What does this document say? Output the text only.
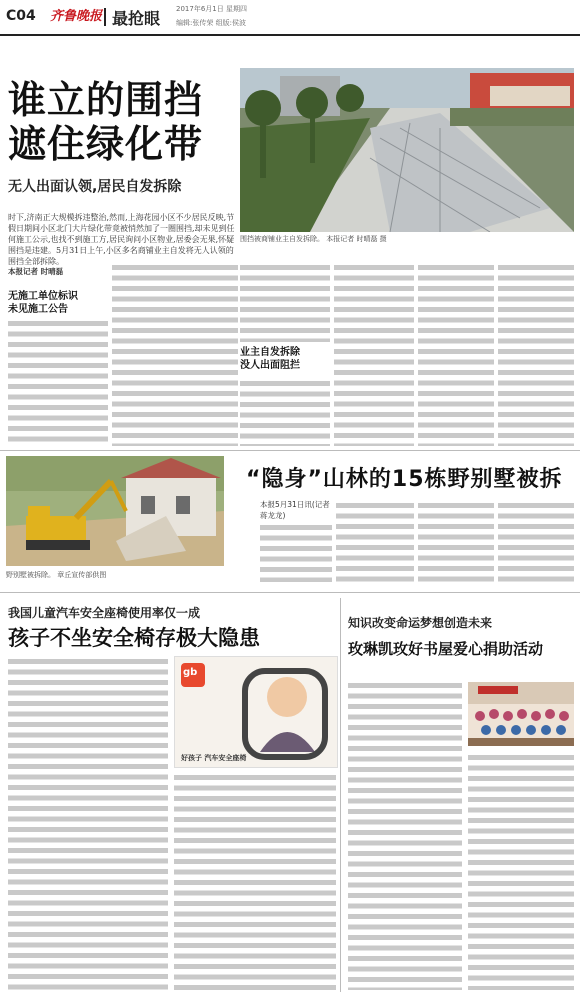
C04 齐鲁晚报 最抢眼 2017年6月1日 星期四
编辑:张传荣 组版:侯波
谁立的围挡
遮住绿化带
无人出面认领,居民自发拆除
时下,济南正大规模拆违整治,然而,上海花园小区不少居民反映,节假日期间小区北门大片绿化带竟被悄然加了一圈围挡,却未见到任何施工公示,也找不到施工方,居民询问小区物业,居委会无果,怀疑围挡是违建。5月31日上午,小区多名商铺业主自发将无人认领的围挡全部拆除。
围挡被商铺业主自发拆除。 本报记者 时晴磊 摄
本报记者 时晴磊
无施工单位标识
未见施工公告
业主自发拆除
没人出面阻拦
野别墅被拆除。 章丘宣传部供图
“隐身”山林的15栋野别墅被拆
本报5月31日讯(记者 蒋龙龙)
我国儿童汽车安全座椅使用率仅一成
孩子不坐安全椅存极大隐患
gb
好孩子 汽车安全座椅
知识改变命运梦想创造未来
玫琳凯玫好书屋爱心捐助活动
